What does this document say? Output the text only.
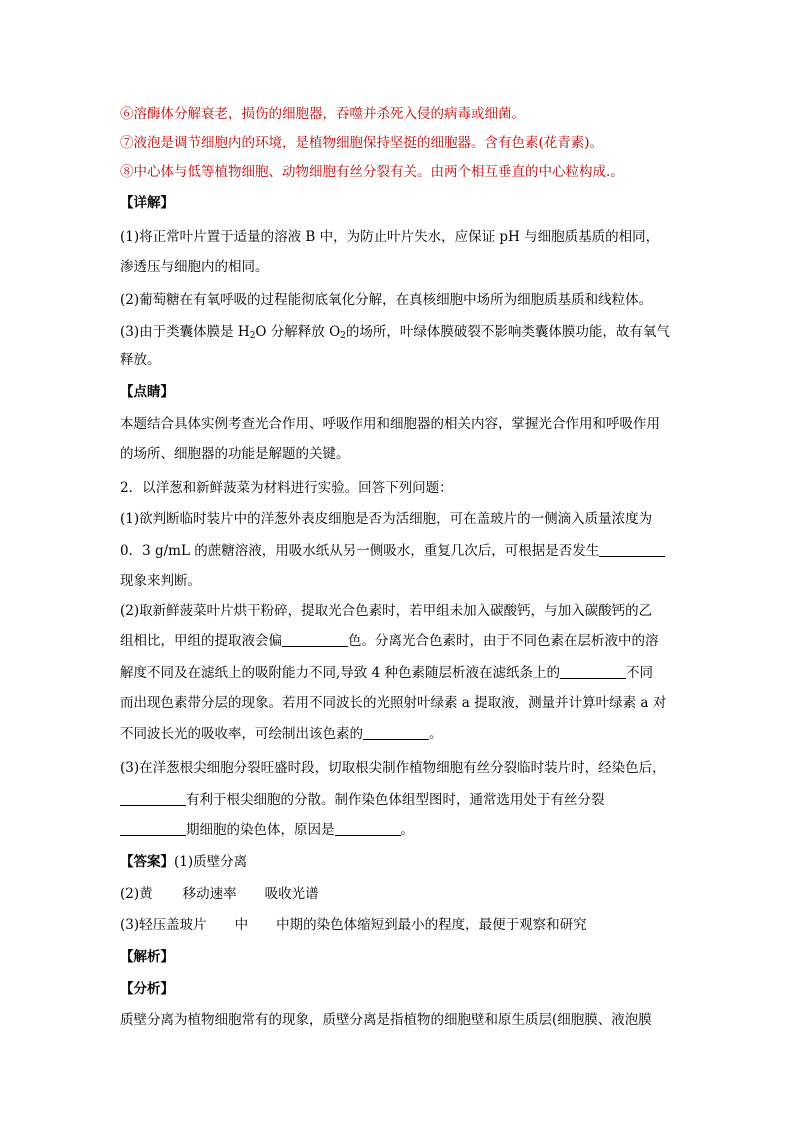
⑥溶酶体分解衰老，损伤的细胞器，吞噬并杀死入侵的病毒或细菌。
⑦液泡是调节细胞内的环境，是植物细胞保持坚挺的细胞器。含有色素(花青素)。
⑧中心体与低等植物细胞、动物细胞有丝分裂有关。由两个相互垂直的中心粒构成.。
【详解】
(1)将正常叶片置于适量的溶液 B 中，为防止叶片失水，应保证 pH 与细胞质基质的相同，
渗透压与细胞内的相同。
(2)葡萄糖在有氧呼吸的过程能彻底氧化分解，在真核细胞中场所为细胞质基质和线粒体。
(3)由于类囊体膜是 $H_2O$ 分解释放 $O_2$的场所，叶绿体膜破裂不影响类囊体膜功能，故有氧气
释放。
【点睛】
本题结合具体实例考查光合作用、呼吸作用和细胞器的相关内容，掌握光合作用和呼吸作用
的场所、细胞器的功能是解题的关键。
2．以洋葱和新鲜菠菜为材料进行实验。回答下列问题：
(1)欲判断临时装片中的洋葱外表皮细胞是否为活细胞，可在盖玻片的一侧滴入质量浓度为
0．3 g/mL 的蔗糖溶液，用吸水纸从另一侧吸水，重复几次后，可根据是否发生
现象来判断。
(2)取新鲜菠菜叶片烘干粉碎，提取光合色素时，若甲组未加入碳酸钙，与加入碳酸钙的乙
组相比，甲组的提取液会偏	色。分离光合色素时，由于不同色素在层析液中的溶
解度不同及在滤纸上的吸附能力不同,导致 4 种色素随层析液在滤纸条上的	不同
而出现色素带分层的现象。若用不同波长的光照射叶绿素 a 提取液，测量并计算叶绿素 a 对
不同波长光的吸收率，可绘制出该色素的	。
(3)在洋葱根尖细胞分裂旺盛时段，切取根尖制作植物细胞有丝分裂临时装片时，经染色后，
有利于根尖细胞的分散。制作染色体组型图时，通常选用处于有丝分裂
期细胞的染色体，原因是	。
【答案】(1)质壁分离
(2)黄 移动速率 吸收光谱
(3)轻压盖玻片 中 中期的染色体缩短到最小的程度，最便于观察和研究
【解析】
【分析】
质壁分离为植物细胞常有的现象，质壁分离是指植物的细胞壁和原生质层(细胞膜、液泡膜
